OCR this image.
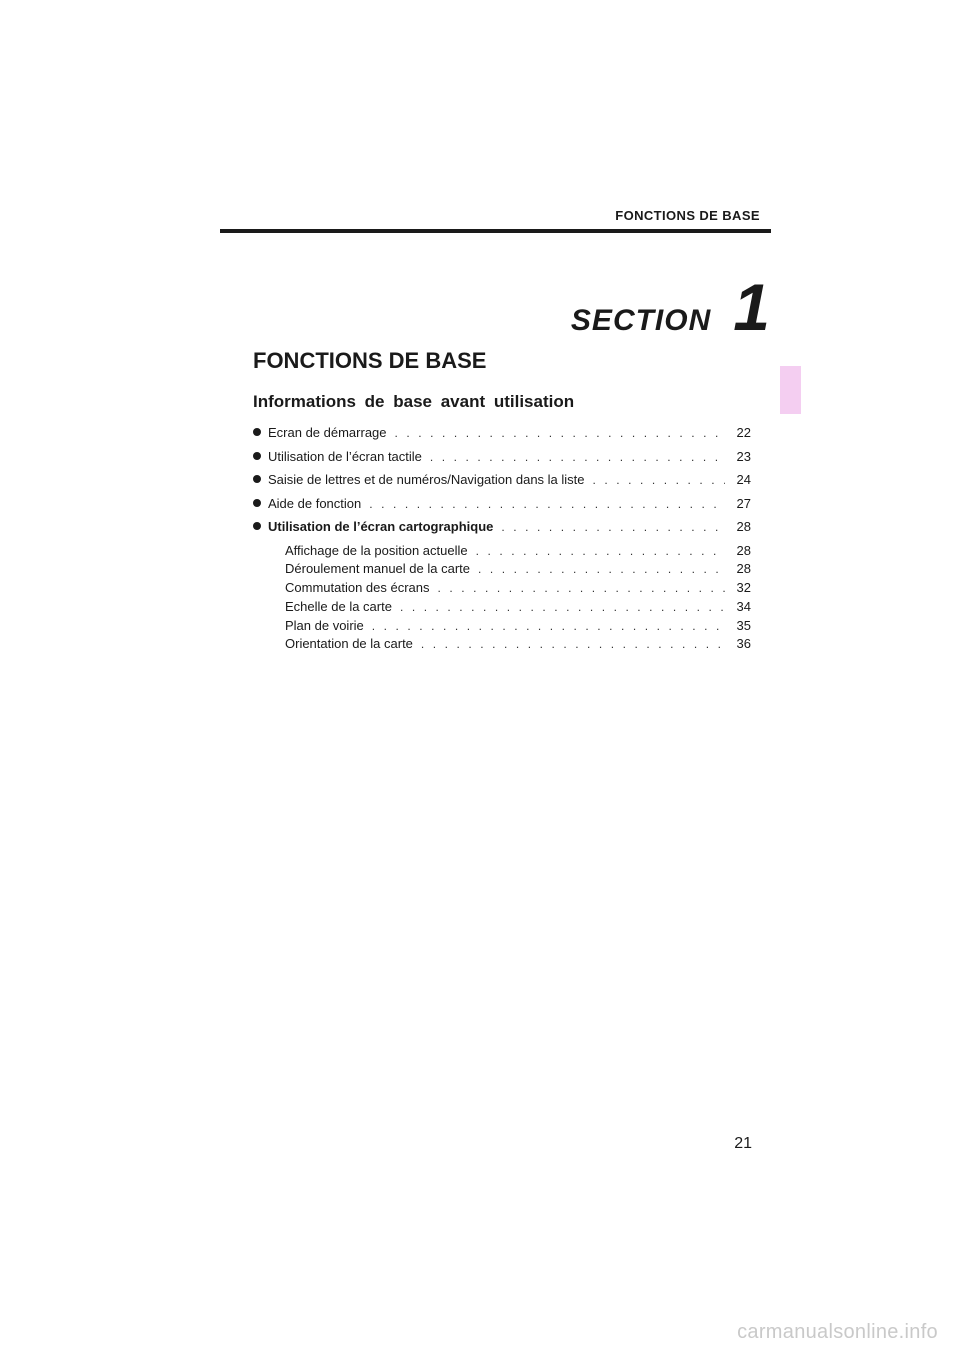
FONCTIONS DE BASE
SECTION 1
FONCTIONS DE BASE
Informations de base avant utilisation
Ecran de démarrage . . .	22
Utilisation de l’écran tactile . . .	23
Saisie de lettres et de numéros/Navigation dans la liste . . .	24
Aide de fonction . . .	27
Utilisation de l’écran cartographique . . .	28
Affichage de la position actuelle . . .	28
Déroulement manuel de la carte . . .	28
Commutation des écrans . . .	32
Echelle de la carte . . .	34
Plan de voirie . . .	35
Orientation de la carte . . .	36
21
carmanualsonline.info
